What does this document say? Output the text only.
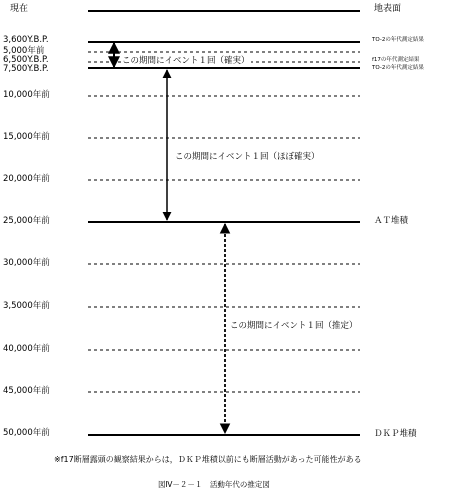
現在	地表面
3,600Y.B.P.
5,000年前
6,500Y.B.P.
7,500Y.B.P.
10,000年前
15,000年前
20,000年前
25,000年前
30,000年前
3,5000年前
40,000年前
45,000年前
50,000年前
TO-2の年代測定結果
f17の年代測定結果
TO-2の年代測定結果
ＡＴ堆積
ＤＫＰ堆積
この期間にイベント１回（確実）
この期間にイベント１回（ほぼ確実）
この期間にイベント１回（推定）
※f17断層露頭の観察結果からは，ＤＫＰ堆積以前にも断層活動があった可能性がある
図Ⅳ－２－１　活動年代の推定図
